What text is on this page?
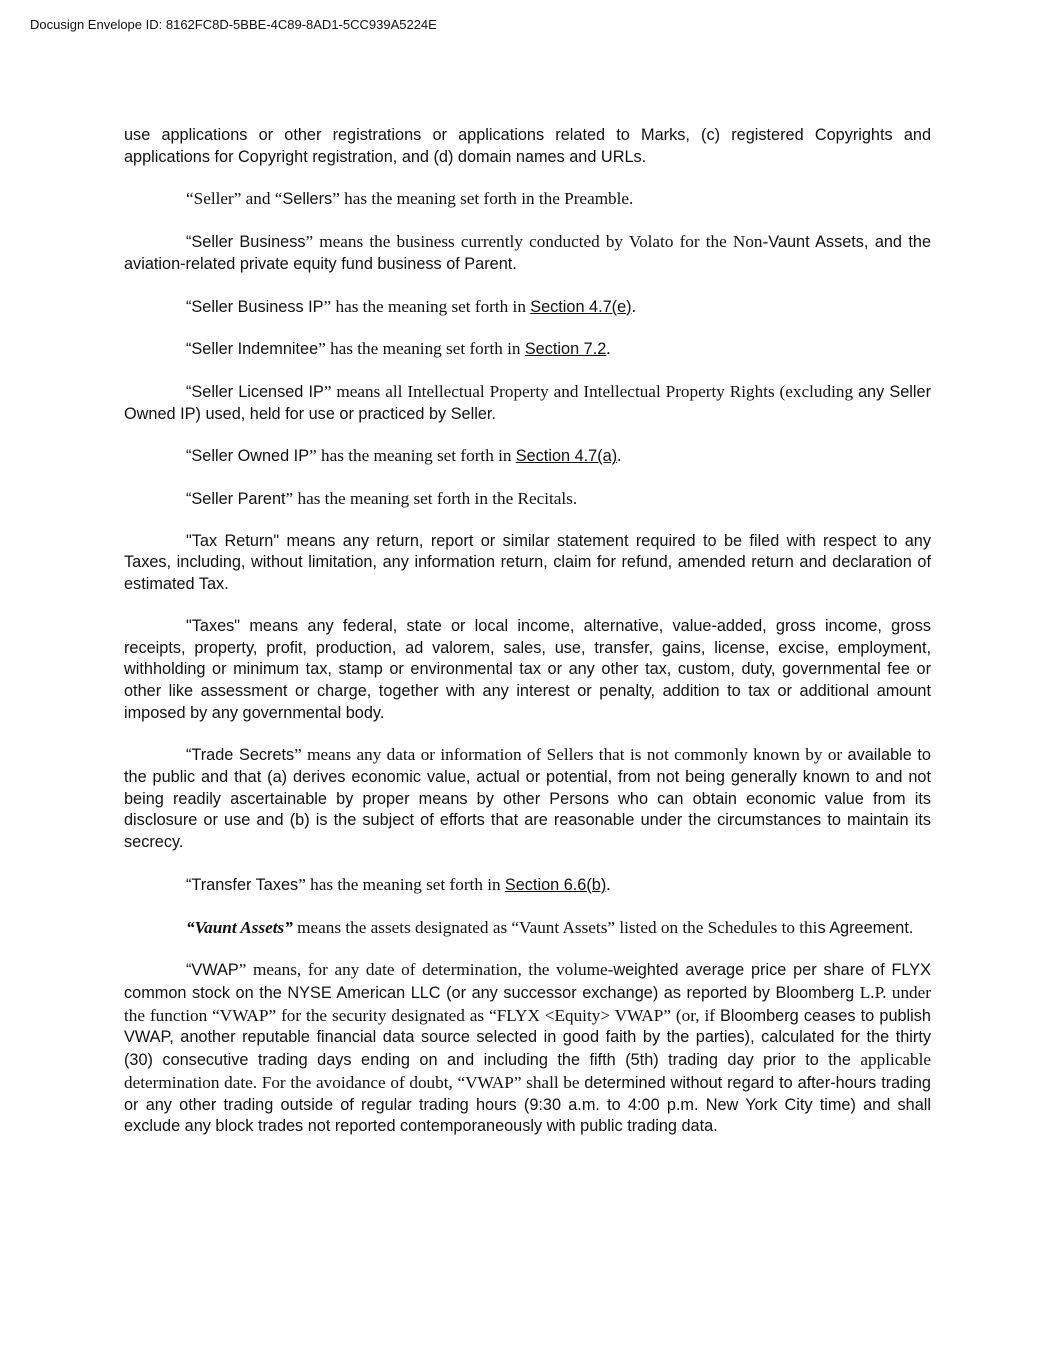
Docusign Envelope ID: 8162FC8D-5BBE-4C89-8AD1-5CC939A5224E

use applications or other registrations or applications related to Marks, (c) registered Copyrights and applications for Copyright registration, and (d) domain names and URLs.

“Seller” and “Sellers” has the meaning set forth in the Preamble.

“Seller Business” means the business currently conducted by Volato for the Non-Vaunt Assets, and the aviation-related private equity fund business of Parent.

“Seller Business IP” has the meaning set forth in Section 4.7(e).

“Seller Indemnitee” has the meaning set forth in Section 7.2.

“Seller Licensed IP” means all Intellectual Property and Intellectual Property Rights (excluding any Seller Owned IP) used, held for use or practiced by Seller.

“Seller Owned IP” has the meaning set forth in Section 4.7(a).

“Seller Parent” has the meaning set forth in the Recitals.

"Tax Return" means any return, report or similar statement required to be filed with respect to any Taxes, including, without limitation, any information return, claim for refund, amended return and declaration of estimated Tax.

"Taxes" means any federal, state or local income, alternative, value-added, gross income, gross receipts, property, profit, production, ad valorem, sales, use, transfer, gains, license, excise, employment, withholding or minimum tax, stamp or environmental tax or any other tax, custom, duty, governmental fee or other like assessment or charge, together with any interest or penalty, addition to tax or additional amount imposed by any governmental body.

“Trade Secrets” means any data or information of Sellers that is not commonly known by or available to the public and that (a) derives economic value, actual or potential, from not being generally known to and not being readily ascertainable by proper means by other Persons who can obtain economic value from its disclosure or use and (b) is the subject of efforts that are reasonable under the circumstances to maintain its secrecy.

“Transfer Taxes” has the meaning set forth in Section 6.6(b).

“Vaunt Assets” means the assets designated as “Vaunt Assets” listed on the Schedules to this Agreement.

“VWAP” means, for any date of determination, the volume-weighted average price per share of FLYX common stock on the NYSE American LLC (or any successor exchange) as reported by Bloomberg L.P. under the function “VWAP” for the security designated as “FLYX <Equity> VWAP” (or, if Bloomberg ceases to publish VWAP, another reputable financial data source selected in good faith by the parties), calculated for the thirty (30) consecutive trading days ending on and including the fifth (5th) trading day prior to the applicable determination date. For the avoidance of doubt, “VWAP” shall be determined without regard to after-hours trading or any other trading outside of regular trading hours (9:30 a.m. to 4:00 p.m. New York City time) and shall exclude any block trades not reported contemporaneously with public trading data.
